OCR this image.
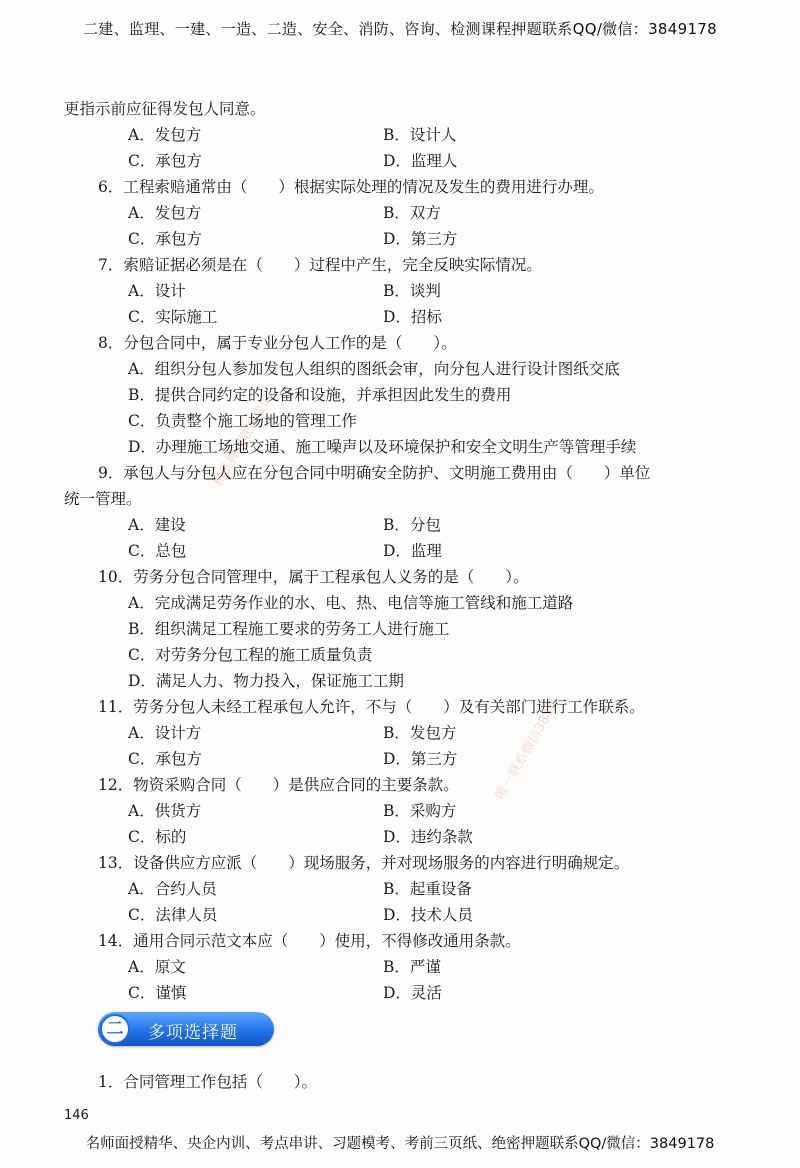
二建、监理、一建、一造、二造、安全、消防、咨询、检测课程押题联系QQ/微信：3849178
精准押题联系微信
唯一联系微信3849
更指示前应征得发包人同意。
A．发包方	B．设计人
C．承包方	D．监理人
6．工程索赔通常由（　　）根据实际处理的情况及发生的费用进行办理。
A．发包方	B．双方
C．承包方	D．第三方
7．索赔证据必须是在（　　）过程中产生，完全反映实际情况。
A．设计	B．谈判
C．实际施工	D．招标
8．分包合同中，属于专业分包人工作的是（　　）。
A．组织分包人参加发包人组织的图纸会审，向分包人进行设计图纸交底
B．提供合同约定的设备和设施，并承担因此发生的费用
C．负责整个施工场地的管理工作
D．办理施工场地交通、施工噪声以及环境保护和安全文明生产等管理手续
9．承包人与分包人应在分包合同中明确安全防护、文明施工费用由（　　）单位
统一管理。
A．建设	B．分包
C．总包	D．监理
10．劳务分包合同管理中，属于工程承包人义务的是（　　）。
A．完成满足劳务作业的水、电、热、电信等施工管线和施工道路
B．组织满足工程施工要求的劳务工人进行施工
C．对劳务分包工程的施工质量负责
D．满足人力、物力投入，保证施工工期
11．劳务分包人未经工程承包人允许，不与（　　）及有关部门进行工作联系。
A．设计方	B．发包方
C．承包方	D．第三方
12．物资采购合同（　　）是供应合同的主要条款。
A．供货方	B．采购方
C．标的	D．违约条款
13．设备供应方应派（　　）现场服务，并对现场服务的内容进行明确规定。
A．合约人员	B．起重设备
C．法律人员	D．技术人员
14．通用合同示范文本应（　　）使用，不得修改通用条款。
A．原文	B．严谨
C．谨慎	D．灵活
1．合同管理工作包括（　　）。
二	多项选择题
146
名师面授精华、央企内训、考点串讲、习题模考、考前三页纸、绝密押题联系QQ/微信：3849178
